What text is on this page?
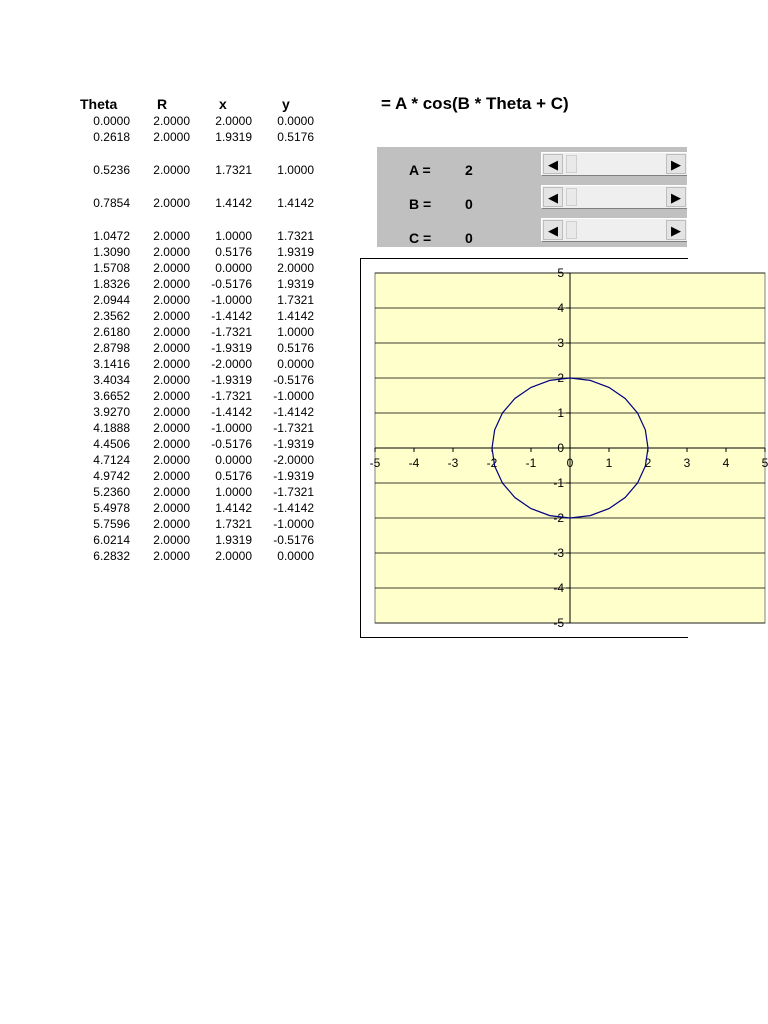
Theta	R	x	y
0.0000	2.0000	2.0000	0.0000
0.2618	2.0000	1.9319	0.5176
0.5236	2.0000	1.7321	1.0000
0.7854	2.0000	1.4142	1.4142
1.0472	2.0000	1.0000	1.7321
1.3090	2.0000	0.5176	1.9319
1.5708	2.0000	0.0000	2.0000
1.8326	2.0000	-0.5176	1.9319
2.0944	2.0000	-1.0000	1.7321
2.3562	2.0000	-1.4142	1.4142
2.6180	2.0000	-1.7321	1.0000
2.8798	2.0000	-1.9319	0.5176
3.1416	2.0000	-2.0000	0.0000
3.4034	2.0000	-1.9319	-0.5176
3.6652	2.0000	-1.7321	-1.0000
3.9270	2.0000	-1.4142	-1.4142
4.1888	2.0000	-1.0000	-1.7321
4.4506	2.0000	-0.5176	-1.9319
4.7124	2.0000	0.0000	-2.0000
4.9742	2.0000	0.5176	-1.9319
5.2360	2.0000	1.0000	-1.7321
5.4978	2.0000	1.4142	-1.4142
5.7596	2.0000	1.7321	-1.0000
6.0214	2.0000	1.9319	-0.5176
6.2832	2.0000	2.0000	0.0000
= A * cos(B * Theta + C)
A = 2	◀	▶
B = 0	◀	▶
C = 0	◀	▶
-5 -4 -3 -2 -1	0	1	2	3	4	5
5
4
3
2
1
0
-1
-2
-3
-4
-5
